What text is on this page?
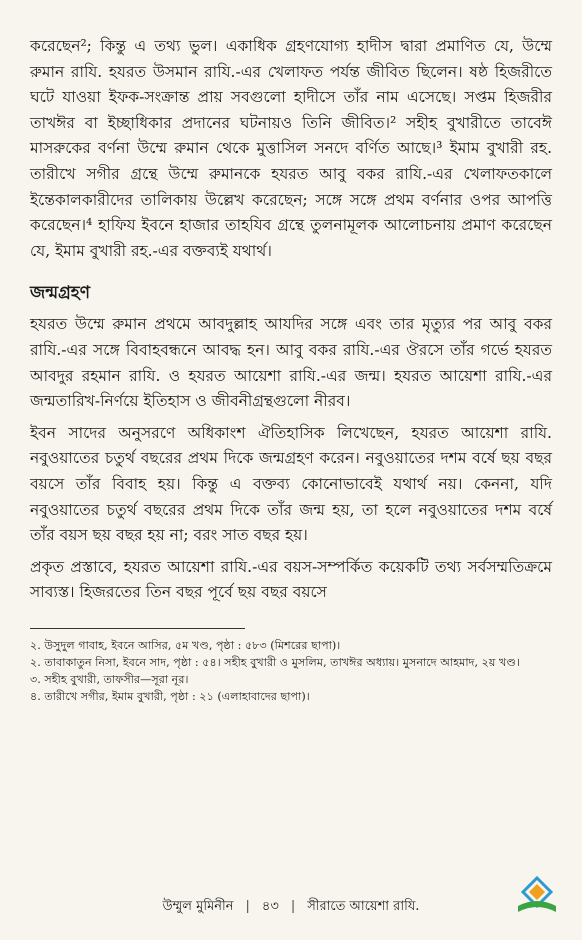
করেছেন²; কিন্তু এ তথ্য ভুল। একাধিক গ্রহণযোগ্য হাদীস দ্বারা প্রমাণিত যে, উম্মে রুমান রাযি. হযরত উসমান রাযি.-এর খেলাফত পর্যন্ত জীবিত ছিলেন। ষষ্ঠ হিজরীতে ঘটে যাওয়া ইফক-সংক্রান্ত প্রায় সবগুলো হাদীসে তাঁর নাম এসেছে। সপ্তম হিজরীর তাখঈর বা ইচ্ছাধিকার প্রদানের ঘটনায়ও তিনি জীবিত।² সহীহ বুখারীতে তাবেঈ মাসরুকের বর্ণনা উম্মে রুমান থেকে মুত্তাসিল সনদে বর্ণিত আছে।³ ইমাম বুখারী রহ. তারীখে সগীর গ্রন্থে উম্মে রুমানকে হযরত আবু বকর রাযি.-এর খেলাফতকালে ইন্তেকালকারীদের তালিকায় উল্লেখ করেছেন; সঙ্গে সঙ্গে প্রথম বর্ণনার ওপর আপত্তি করেছেন।⁴ হাফিয ইবনে হাজার তাহযিব গ্রন্থে তুলনামূলক আলোচনায় প্রমাণ করেছেন যে, ইমাম বুখারী রহ.-এর বক্তব্যই যথার্থ।

জন্মগ্রহণ

হযরত উম্মে রুমান প্রথমে আবদুল্লাহ আযদির সঙ্গে এবং তার মৃত্যুর পর আবু বকর রাযি.-এর সঙ্গে বিবাহবন্ধনে আবদ্ধ হন। আবু বকর রাযি.-এর ঔরসে তাঁর গর্ভে হযরত আবদুর রহমান রাযি. ও হযরত আয়েশা রাযি.-এর জন্ম। হযরত আয়েশা রাযি.-এর জন্মতারিখ-নির্ণয়ে ইতিহাস ও জীবনীগ্রন্থগুলো নীরব।

ইবন সাদের অনুসরণে অধিকাংশ ঐতিহাসিক লিখেছেন, হযরত আয়েশা রাযি. নবুওয়াতের চতুর্থ বছরের প্রথম দিকে জন্মগ্রহণ করেন। নবুওয়াতের দশম বর্ষে ছয় বছর বয়সে তাঁর বিবাহ হয়। কিন্তু এ বক্তব্য কোনোভাবেই যথার্থ নয়। কেননা, যদি নবুওয়াতের চতুর্থ বছরের প্রথম দিকে তাঁর জন্ম হয়, তা হলে নবুওয়াতের দশম বর্ষে তাঁর বয়স ছয় বছর হয় না; বরং সাত বছর হয়।

প্রকৃত প্রস্তাবে, হযরত আয়েশা রাযি.-এর বয়স-সম্পর্কিত কয়েকটি তথ্য সর্বসম্মতিক্রমে সাব্যস্ত। হিজরতের তিন বছর পূর্বে ছয় বছর বয়সে

২. উসুদুল গাবাহ, ইবনে আসির, ৫ম খণ্ড, পৃষ্ঠা : ৫৮৩ (মিশরের ছাপা)।

২. তাবাকাতুন নিসা, ইবনে সাদ, পৃষ্ঠা : ৫৪। সহীহ বুখারী ও মুসলিম, তাখঈর অধ্যায়। মুসনাদে আহমাদ, ২য় খণ্ড।

৩. সহীহ বুখারী, তাফসীর—সূরা নূর।

৪. তারীখে সগীর, ইমাম বুখারী, পৃষ্ঠা : ২১ (এলাহাবাদের ছাপা)।

উম্মুল মুমিনীন | ৪৩ | সীরাতে আয়েশা রাযি.
